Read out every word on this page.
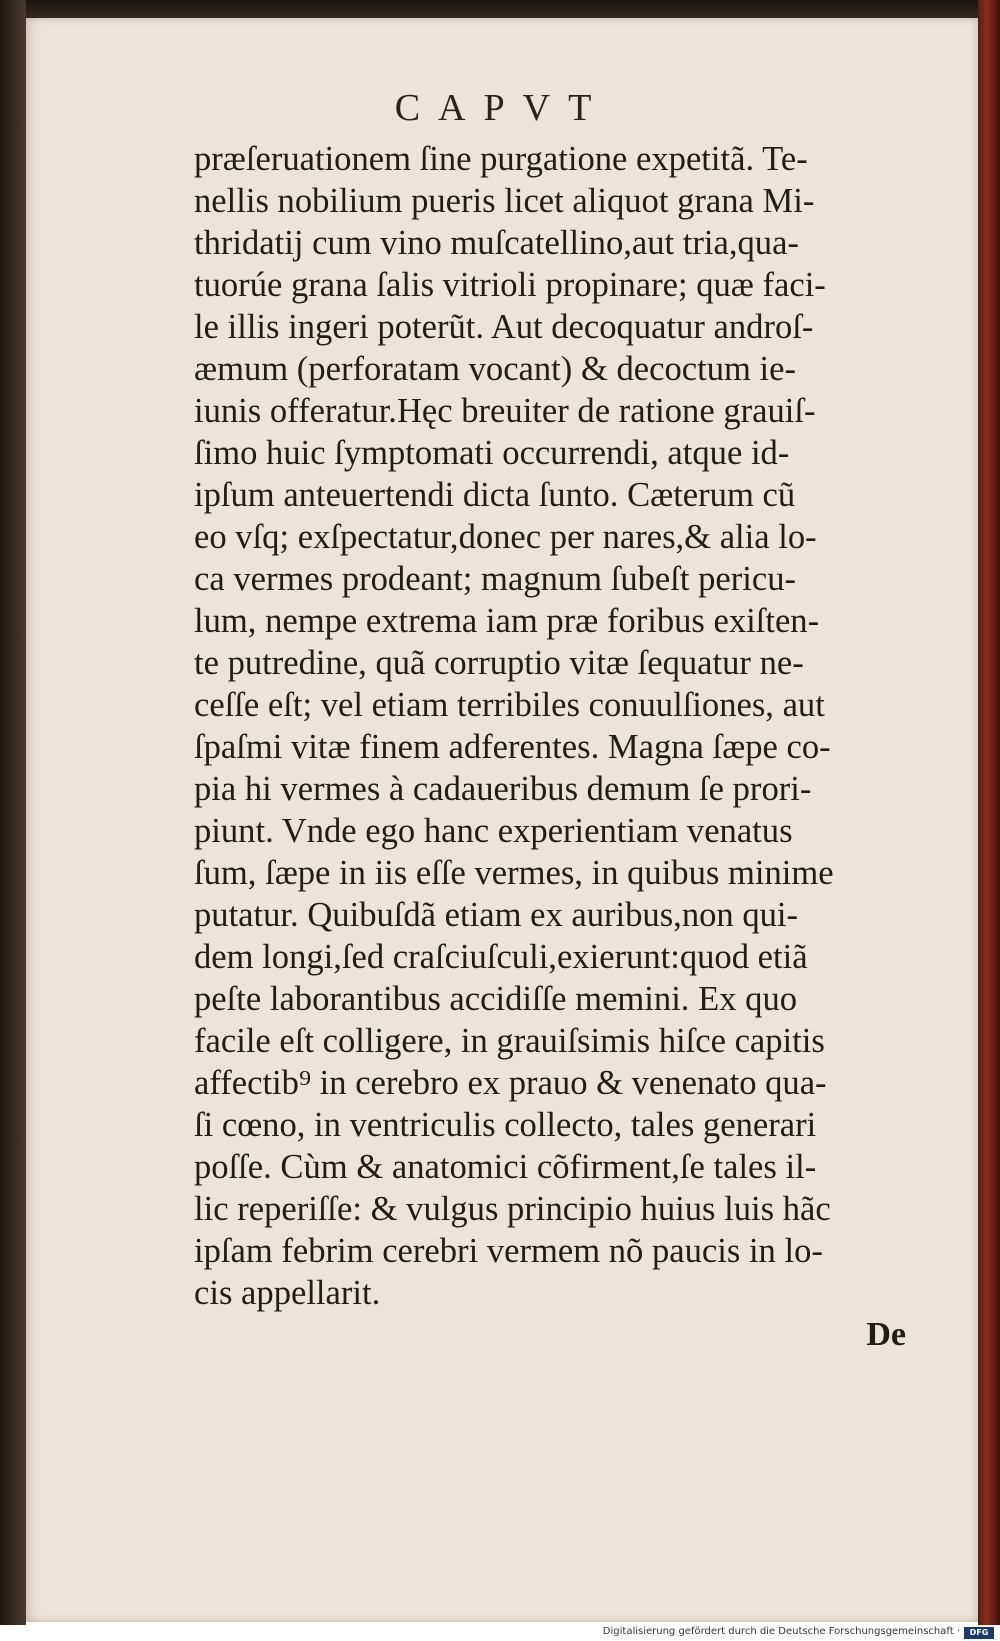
CAPVT
præſeruationem ſine purgatione expetitã. Te-
nellis nobilium pueris licet aliquot grana Mi-
thridatij cum vino muſcatellino,aut tria,qua-
tuorúe grana ſalis vitrioli propinare; quæ faci-
le illis ingeri poterũt. Aut decoquatur androſ-
æmum (perforatam vocant) & decoctum ie-
iunis offeratur.Hęc breuiter de ratione grauiſ-
ſimo huic ſymptomati occurrendi, atque id-
ipſum anteuertendi dicta ſunto. Cæterum cũ
eo vſq; exſpectatur,donec per nares,& alia lo-
ca vermes prodeant; magnum ſubeſt pericu-
lum, nempe extrema iam præ foribus exiſten-
te putredine, quã corruptio vitæ ſequatur ne-
ceſſe eſt; vel etiam terribiles conuulſiones, aut
ſpaſmi vitæ finem adferentes. Magna ſæpe co-
pia hi vermes à cadaueribus demum ſe prori-
piunt. Vnde ego hanc experientiam venatus
ſum, ſæpe in iis eſſe vermes, in quibus minime
putatur. Quibuſdã etiam ex auribus,non qui-
dem longi,ſed craſciuſculi,exierunt:quod etiã
peſte laborantibus accidiſſe memini. Ex quo
facile eſt colligere, in grauiſsimis hiſce capitis
affectib⁹ in cerebro ex prauo & venenato qua-
ſi cœno, in ventriculis collecto, tales generari
poſſe. Cùm & anatomici cõfirment,ſe tales il-
lic reperiſſe: & vulgus principio huius luis hãc
ipſam febrim cerebri vermem nõ paucis in lo-
cis appellarit.
De
Digitalisierung gefördert durch die Deutsche Forschungsgemeinschaft ·	DFG
